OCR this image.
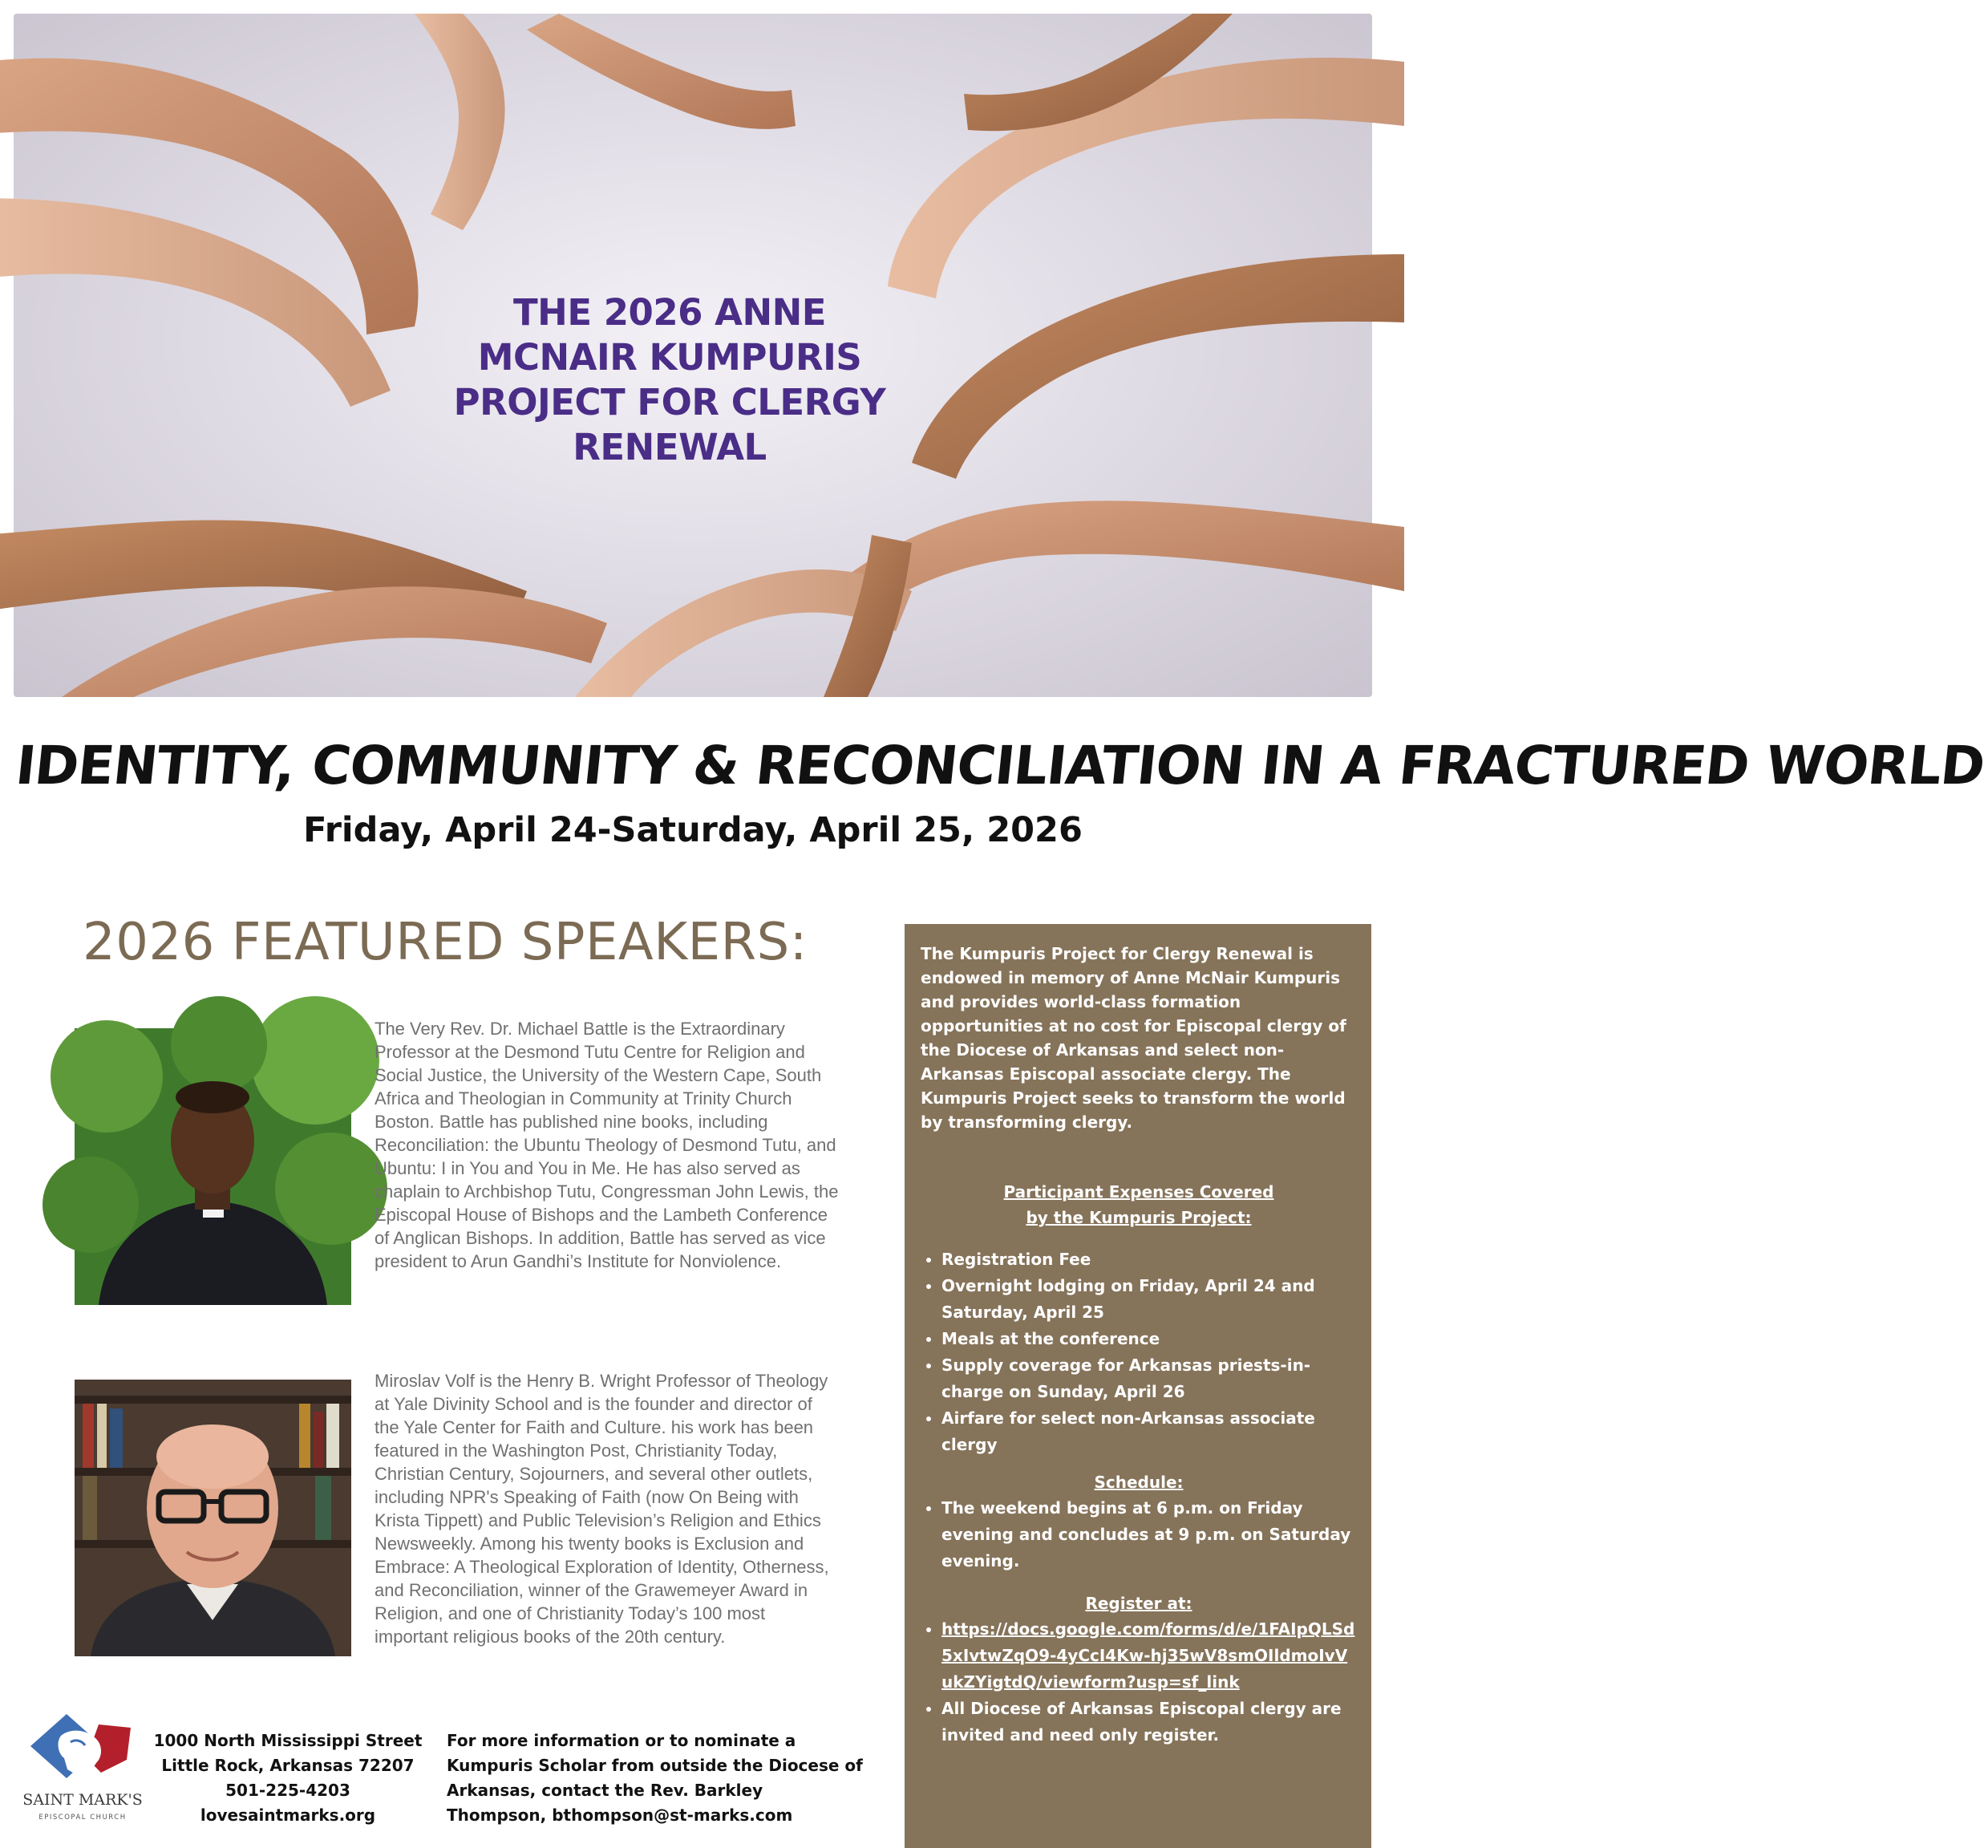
THE 2026 ANNE
MCNAIR KUMPURIS
PROJECT FOR CLERGY
RENEWAL
IDENTITY, COMMUNITY & RECONCILIATION IN A FRACTURED WORLD
Friday, April 24-Saturday, April 25, 2026
2026 FEATURED SPEAKERS:
The Very Rev. Dr. Michael Battle is the Extraordinary Professor at the Desmond Tutu Centre for Religion and Social Justice, the University of the Western Cape, South Africa and Theologian in Community at Trinity Church Boston. Battle has published nine books, including Reconciliation: the Ubuntu Theology of Desmond Tutu, and Ubuntu: I in You and You in Me. He has also served as chaplain to Archbishop Tutu, Congressman John Lewis, the Episcopal House of Bishops and the Lambeth Conference of Anglican Bishops. In addition, Battle has served as vice president to Arun Gandhi’s Institute for Nonviolence.
Miroslav Volf is the Henry B. Wright Professor of Theology at Yale Divinity School and is the founder and director of the Yale Center for Faith and Culture. his work has been featured in the Washington Post, Christianity Today, Christian Century, Sojourners, and several other outlets, including NPR's Speaking of Faith (now On Being with Krista Tippett) and Public Television’s Religion and Ethics Newsweekly. Among his twenty books is Exclusion and Embrace: A Theological Exploration of Identity, Otherness, and Reconciliation, winner of the Grawemeyer Award in Religion, and one of Christianity Today’s 100 most important religious books of the 20th century.
SAINT MARK'S
EPISCOPAL CHURCH
1000 North Mississippi Street
Little Rock, Arkansas 72207
501-225-4203
lovesaintmarks.org
For more information or to nominate a Kumpuris Scholar from outside the Diocese of Arkansas, contact the Rev. Barkley Thompson, bthompson@st-marks.com
The Kumpuris Project for Clergy Renewal is endowed in memory of Anne McNair Kumpuris and provides world-class formation opportunities at no cost for Episcopal clergy of the Diocese of Arkansas and select non-Arkansas Episcopal associate clergy. The Kumpuris Project seeks to transform the world by transforming clergy.
Participant Expenses Covered
by the Kumpuris Project:
• Registration Fee
• Overnight lodging on Friday, April 24 and Saturday, April 25
• Meals at the conference
• Supply coverage for Arkansas priests-in-charge on Sunday, April 26
• Airfare for select non-Arkansas associate clergy
Schedule:
• The weekend begins at 6 p.m. on Friday evening and concludes at 9 p.m. on Saturday evening.
Register at:
• https://docs.google.com/forms/d/e/1FAIpQLSd5xIvtwZqO9-4yCcI4Kw-hj35wV8smOIldmoIvVukZYigtdQ/viewform?usp=sf_link
• All Diocese of Arkansas Episcopal clergy are invited and need only register.
